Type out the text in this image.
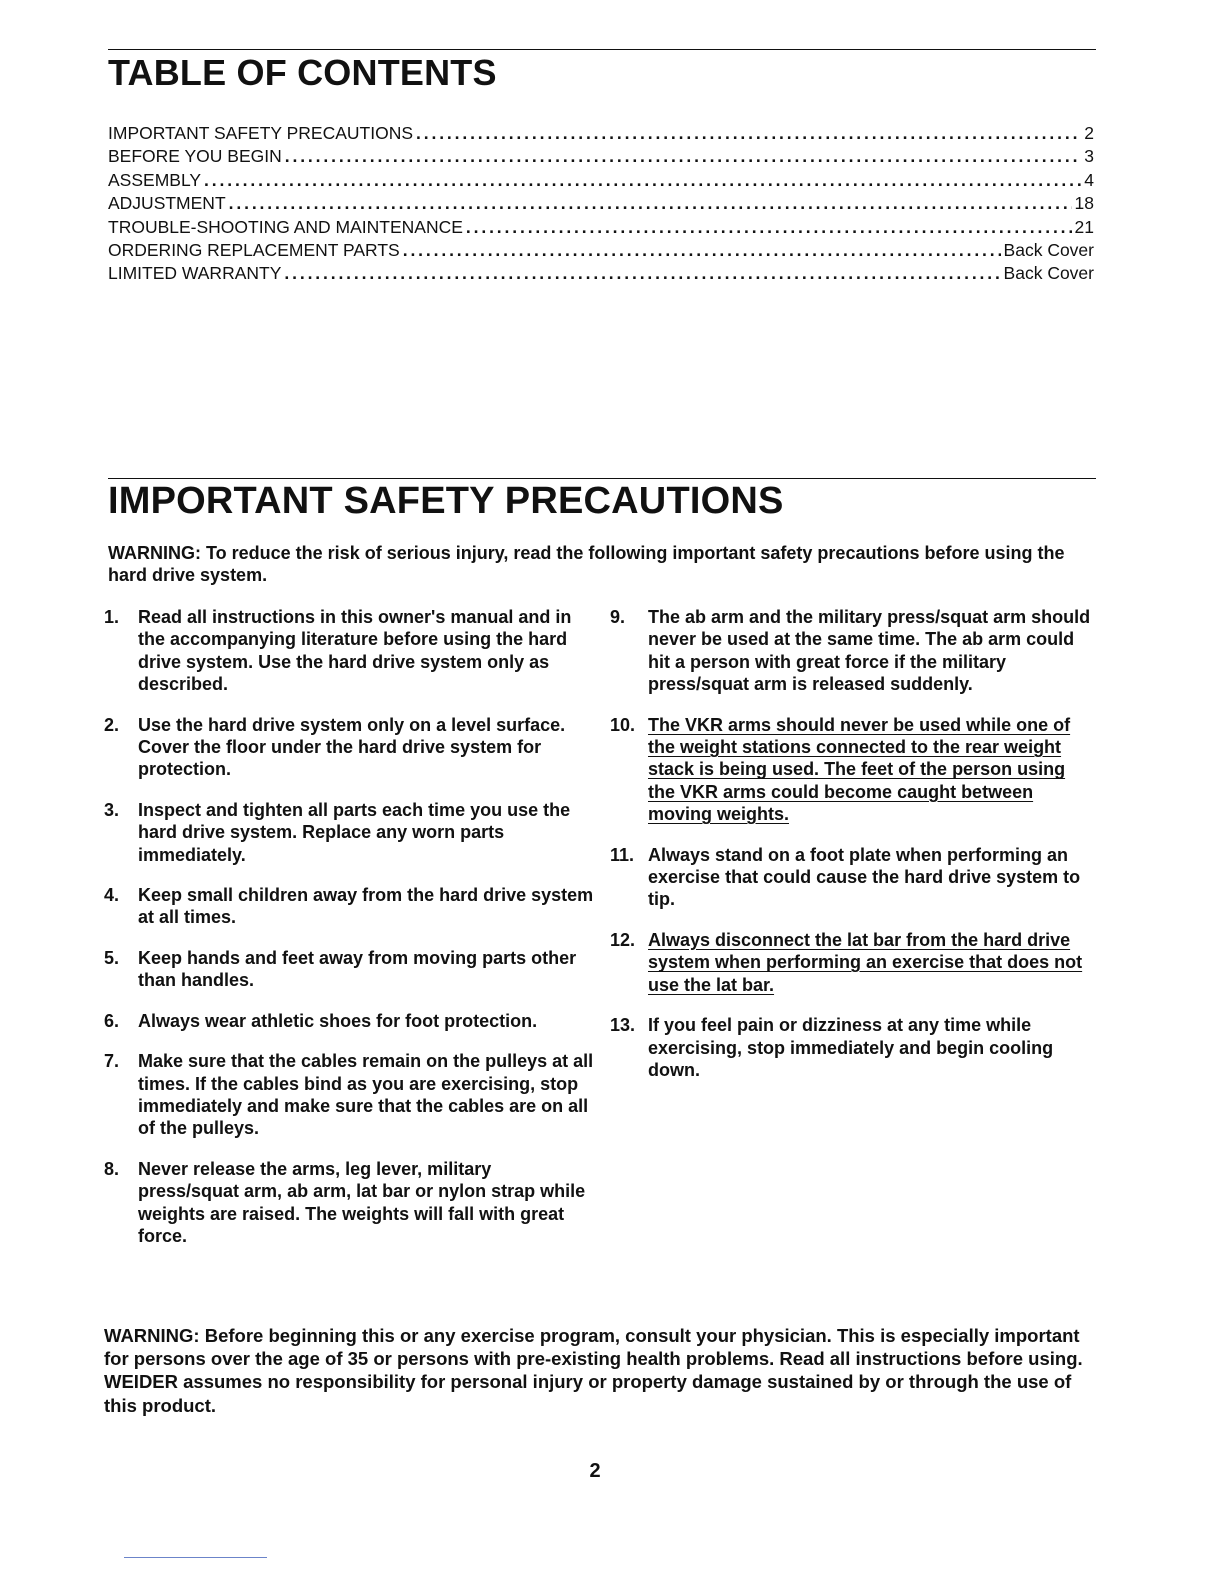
TABLE OF CONTENTS
IMPORTANT SAFETY PRECAUTIONS . . .	2
BEFORE YOU BEGIN . . .	3
ASSEMBLY . . .	4
ADJUSTMENT . . .	18
TROUBLE-SHOOTING AND MAINTENANCE . . .	21
ORDERING REPLACEMENT PARTS . . .	Back Cover
LIMITED WARRANTY . . .	Back Cover
IMPORTANT SAFETY PRECAUTIONS

WARNING: To reduce the risk of serious injury, read the following important safety precautions before using the hard drive system.

1.	Read all instructions in this owner's manual and in the accompanying literature before using the hard drive system. Use the hard drive system only as described.
2.	Use the hard drive system only on a level surface. Cover the floor under the hard drive system for protection.
3.	Inspect and tighten all parts each time you use the hard drive system. Replace any worn parts immediately.
4.	Keep small children away from the hard drive system at all times.
5.	Keep hands and feet away from moving parts other than handles.
6.	Always wear athletic shoes for foot protection.
7.	Make sure that the cables remain on the pulleys at all times. If the cables bind as you are exercising, stop immediately and make sure that the cables are on all of the pulleys.
8.	Never release the arms, leg lever, military press/squat arm, ab arm, lat bar or nylon strap while weights are raised. The weights will fall with great force.
9.	The ab arm and the military press/squat arm should never be used at the same time. The ab arm could hit a person with great force if the military press/squat arm is released suddenly.
10. The VKR arms should never be used while one of the weight stations connected to the rear weight stack is being used. The feet of the person using the VKR arms could become caught between moving weights.
11. Always stand on a foot plate when performing an exercise that could cause the hard drive system to tip.
12. Always disconnect the lat bar from the hard drive system when performing an exercise that does not use the lat bar.
13. If you feel pain or dizziness at any time while exercising, stop immediately and begin cooling down.

WARNING: Before beginning this or any exercise program, consult your physician. This is especially important for persons over the age of 35 or persons with pre-existing health problems. Read all instructions before using. WEIDER assumes no responsibility for personal injury or property damage sustained by or through the use of this product.

2
